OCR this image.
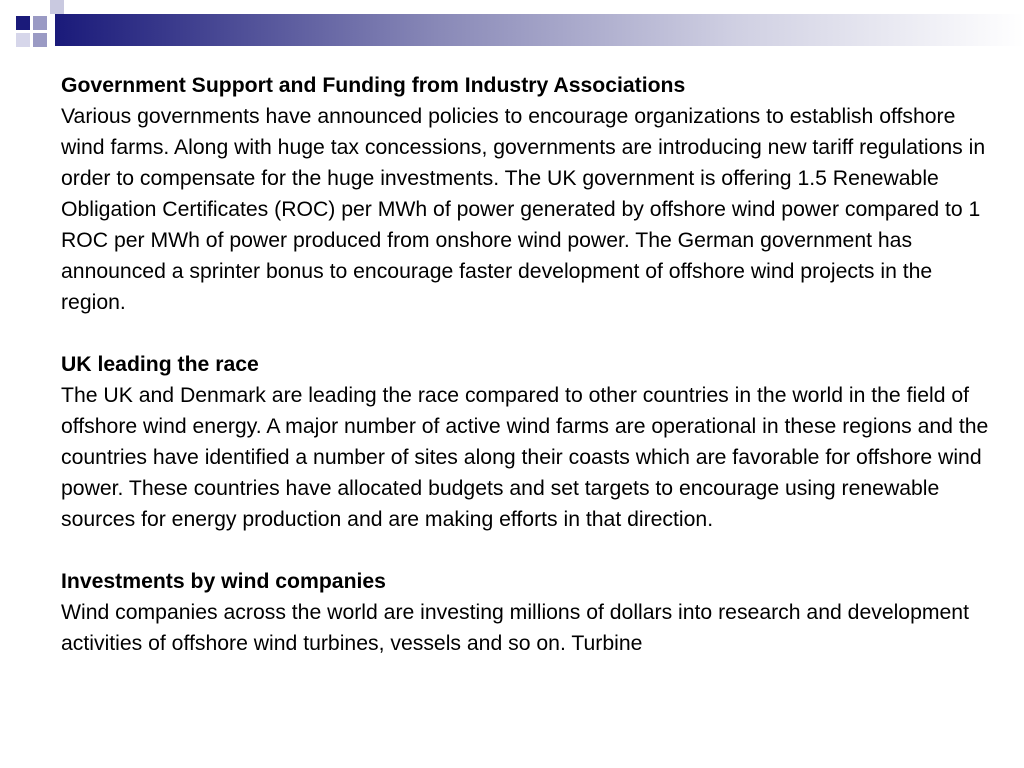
Government Support and Funding from Industry Associations

Various governments have announced policies to encourage organizations to establish offshore wind farms. Along with huge tax concessions, governments are introducing new tariff regulations in order to compensate for the huge investments. The UK government is offering 1.5 Renewable Obligation Certificates (ROC) per MWh of power generated by offshore wind power compared to 1 ROC per MWh of power produced from onshore wind power. The German government has announced a sprinter bonus to encourage faster development of offshore wind projects in the region.

UK leading the race

The UK and Denmark are leading the race compared to other countries in the world in the field of offshore wind energy. A major number of active wind farms are operational in these regions and the countries have identified a number of sites along their coasts which are favorable for offshore wind power. These countries have allocated budgets and set targets to encourage using renewable sources for energy production and are making efforts in that direction.

Investments by wind companies

Wind companies across the world are investing millions of dollars into research and development activities of offshore wind turbines, vessels and so on. Turbine
